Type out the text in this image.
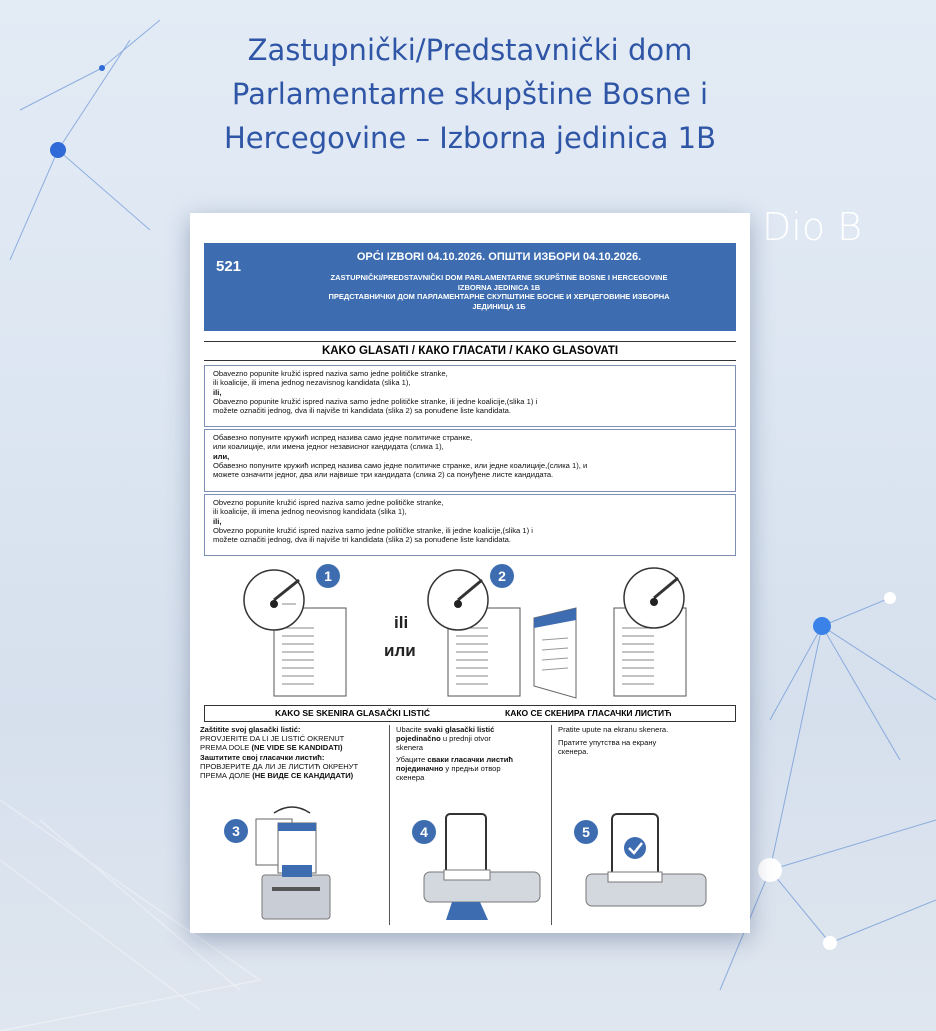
Zastupnički/Predstavnički dom
Parlamentarne skupštine Bosne i
Hercegovine – Izborna jedinica 1B
Dio B
521
OPĆI IZBORI 04.10.2026. ОПШТИ ИЗБОРИ 04.10.2026.
ZASTUPNIČKI/PREDSTAVNIČKI DOM PARLAMENTARNE SKUPŠTINE BOSNE I HERCEGOVINE
IZBORNA JEDINICA 1B
ПРЕДСТАВНИЧКИ ДОМ ПАРЛАМЕНТАРНЕ СКУПШТИНЕ БОСНЕ И ХЕРЦЕГОВИНЕ ИЗБОРНА
ЈЕДИНИЦА 1Б
KAKO GLASATI / КАКО ГЛАСАТИ / KAKO GLASOVATI
Obavezno popunite kružić ispred naziva samo jedne političke stranke,
ili koalicije, ili imena jednog nezavisnog kandidata (slika 1),
ili,
Obavezno popunite kružić ispred naziva samo jedne političke stranke, ili jedne koalicije,(slika 1) i
možete označiti jednog, dva ili najviše tri kandidata (slika 2) sa ponuđene liste kandidata.
Обавезно попуните кружић испред назива само једне политичке странке,
или коалиције, или имена једног независног кандидата (слика 1),
или,
Обавезно попуните кружић испред назива само једне политичке странке, или једне коалиције,(слика 1), и
можете означити једног, два или највише три кандидата (слика 2) са понуђене листе кандидата.
Obvezno popunite kružić ispred naziva samo jedne političke stranke,
ili koalicije, ili imena jednog neovisnog kandidata (slika 1),
ili,
Obvezno popunite kružić ispred naziva samo jedne političke stranke, ili jedne koalicije,(slika 1) i
možete označiti jednog, dva ili najviše tri kandidata (slika 2) sa ponuđene liste kandidata.
1
ili
или
2
KAKO SE SKENIRA GLASAČKI LISTIĆ	КАКО СЕ СКЕНИРА ГЛАСАЧКИ ЛИСТИЋ

Zaštitite svoj glasački listić:
PROVJERITE DA LI JE LISTIĆ OKRENUT
PREMA DOLE (NE VIDE SE KANDIDATI)
Заштитите свој гласачки листић:
ПРОВЈЕРИТЕ ДА ЛИ ЈЕ ЛИСТИЋ ОКРЕНУТ
ПРЕМА ДОЛЕ (НЕ ВИДЕ СЕ КАНДИДАТИ)

3

Ubacite svaki glasački listić
pojedinačno u prednji otvor
skenera

Убаците сваки гласачки листић
појединачно у предњи отвор
скенера

4

Pratite upute na ekranu skenera.

Пратите упутства на екрану
скенера.

5
